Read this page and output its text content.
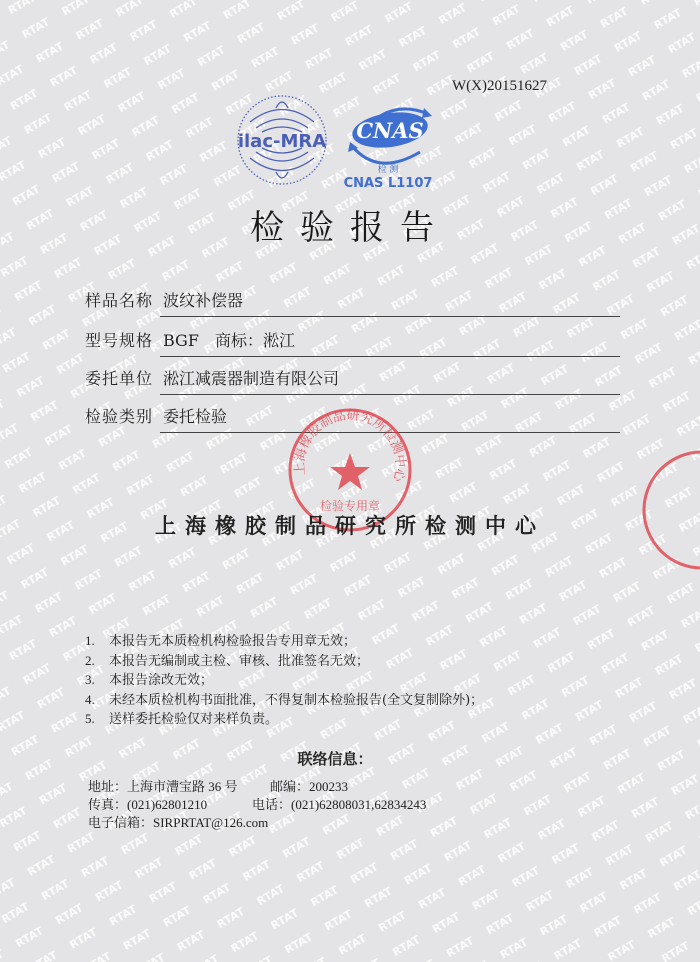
W(X)20151627
ilac-MRA CNAS
检 测
CNAS L1107
检验报告
样品名称 波纹补偿器
型号规格 BGF　商标：淞江
委托单位 淞江减震器制造有限公司
检验类别 委托检验
上海橡胶制品研究所检测中心
检验专用章
上海橡胶制品研究所检测中心
1. 本报告无本质检机构检验报告专用章无效；
2. 本报告无编制或主检、审核、批准签名无效；
3. 本报告涂改无效；
4. 未经本质检机构书面批准，不得复制本检验报告(全文复制除外)；
5. 送样委托检验仅对来样负责。
联络信息：
地址：上海市漕宝路 36 号 邮编：200233
传真：(021)62801210	电话：(021)62808031,62834243
电子信箱：SIRPRTAT@126.com
